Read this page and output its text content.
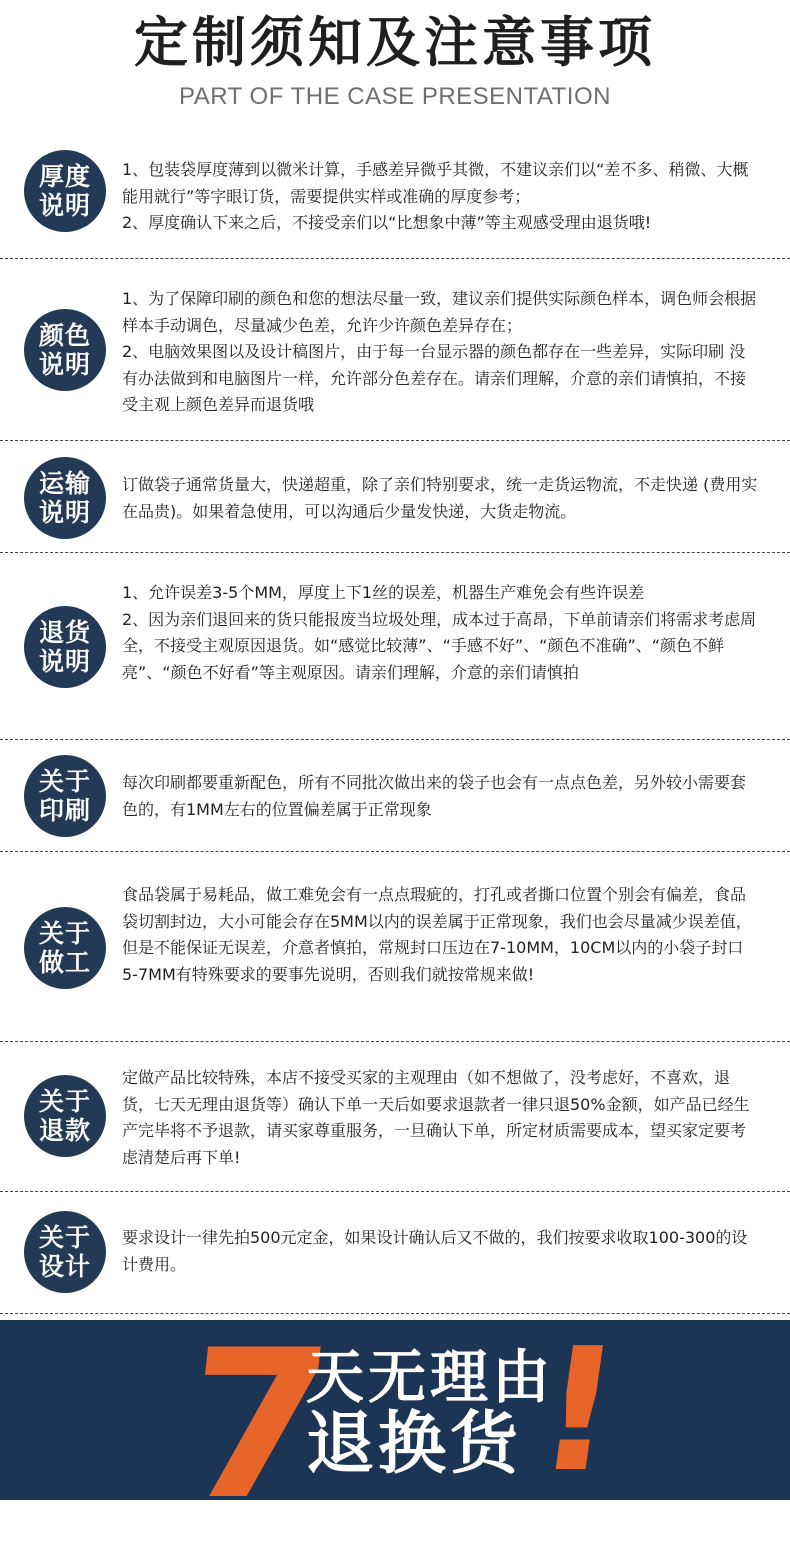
定制须知及注意事项
PART OF THE CASE PRESENTATION
厚度
说明

1、包装袋厚度薄到以微米计算，手感差异微乎其微，不建议亲们以“差不多、稍微、大概能用就行”等字眼订货，需要提供实样或准确的厚度参考；

2、厚度确认下来之后，不接受亲们以“比想象中薄”等主观感受理由退货哦!

颜色
说明

1、为了保障印刷的颜色和您的想法尽量一致，建议亲们提供实际颜色样本，调色师会根据样本手动调色，尽量减少色差，允许少许颜色差异存在；

2、电脑效果图以及设计稿图片，由于每一台显示器的颜色都存在一些差异，实际印刷 没有办法做到和电脑图片一样，允许部分色差存在。请亲们理解，介意的亲们请慎拍，不接受主观上颜色差异而退货哦

运输
说明

订做袋子通常货量大，快递超重，除了亲们特别要求，统一走货运物流，不走快递 (费用实在品贵)。如果着急使用，可以沟通后少量发快递，大货走物流。

退货
说明

1、允许误差3-5个MM，厚度上下1丝的误差，机器生产难免会有些许误差

2、因为亲们退回来的货只能报废当垃圾处理，成本过于高昂，下单前请亲们将需求考虑周全，不接受主观原因退货。如“感觉比较薄”、“手感不好”、“颜色不准确”、“颜色不鲜亮”、“颜色不好看”等主观原因。请亲们理解，介意的亲们请慎拍

关于
印刷

每次印刷都要重新配色，所有不同批次做出来的袋子也会有一点点色差，另外较小需要套色的，有1MM左右的位置偏差属于正常现象

关于
做工

食品袋属于易耗品，做工难免会有一点点瑕疵的，打孔或者撕口位置个别会有偏差，食品袋切割封边，大小可能会存在5MM以内的误差属于正常现象，我们也会尽量减少误差值，但是不能保证无误差，介意者慎拍，常规封口压边在7-10MM，10CM以内的小袋子封口 5-7MM有特殊要求的要事先说明，否则我们就按常规来做!

关于
退款

定做产品比较特殊，本店不接受买家的主观理由（如不想做了，没考虑好，不喜欢，退货，七天无理由退货等）确认下单一天后如要求退款者一律只退50%金额，如产品已经生产完毕将不予退款，请买家尊重服务，一旦确认下单，所定材质需要成本，望买家定要考虑清楚后再下单!

关于
设计

要求设计一律先拍500元定金，如果设计确认后又不做的，我们按要求收取100-300的设计费用。

7
天无理由
退换货 !
